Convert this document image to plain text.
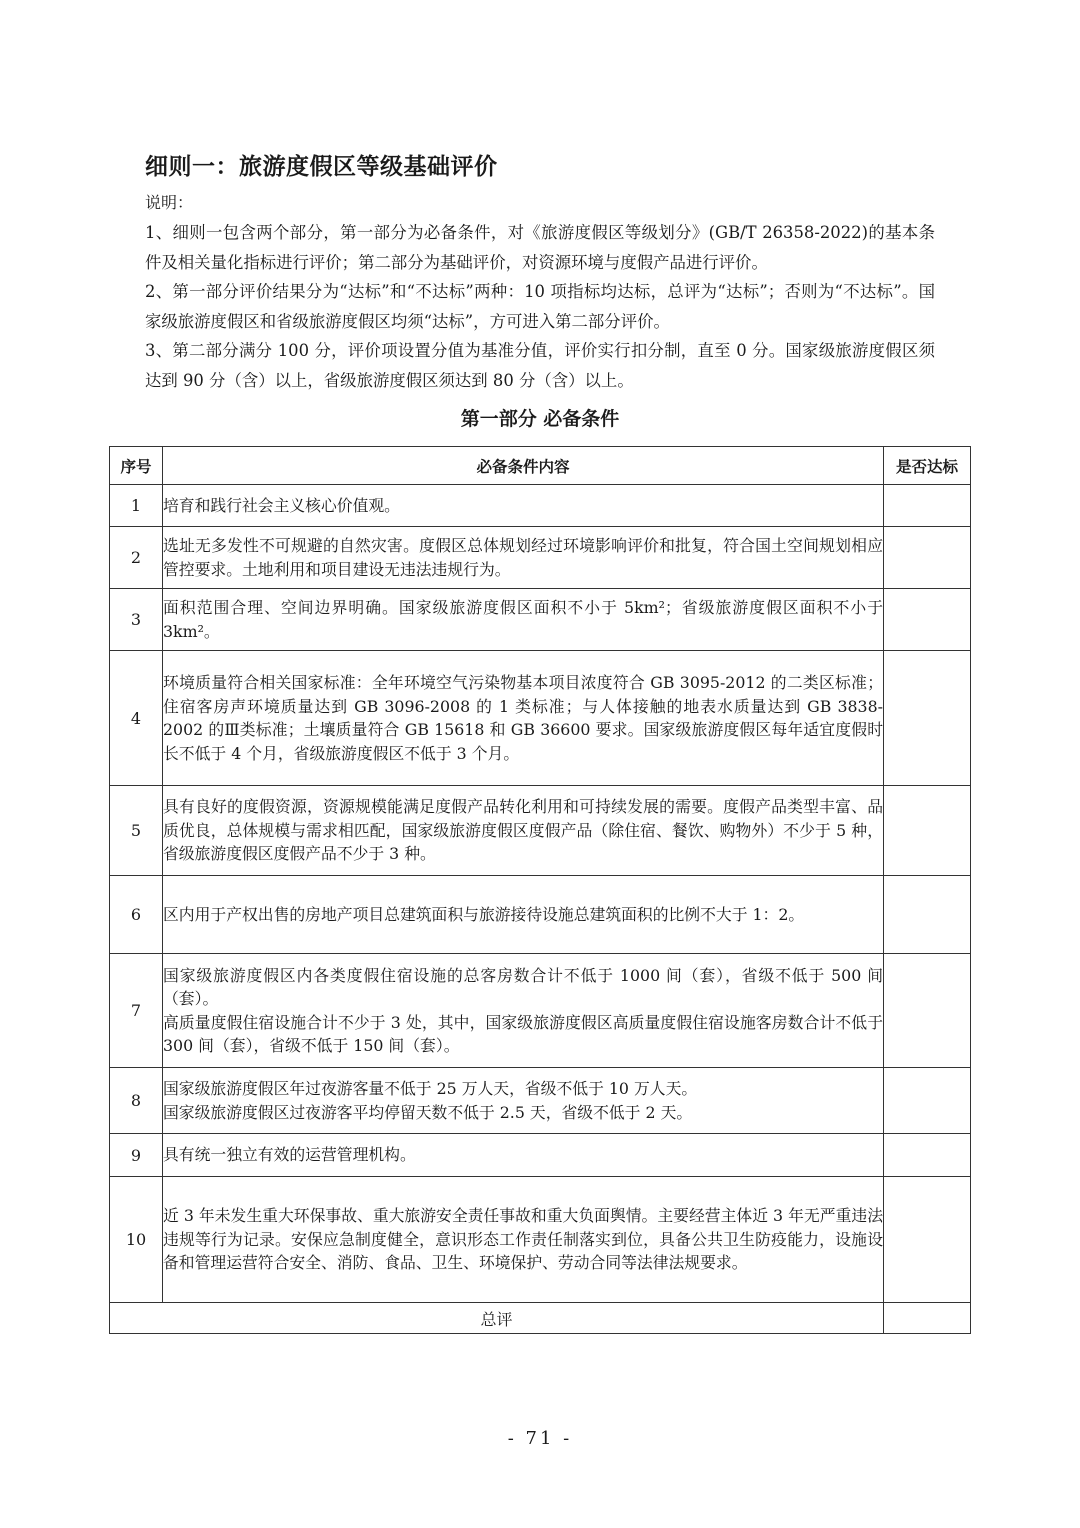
细则一：旅游度假区等级基础评价
说明：

1、细则一包含两个部分，第一部分为必备条件，对《旅游度假区等级划分》(GB/T 26358-2022)的基本条件及相关量化指标进行评价；第二部分为基础评价，对资源环境与度假产品进行评价。

2、第一部分评价结果分为“达标”和“不达标”两种：10 项指标均达标，总评为“达标”；否则为“不达标”。国家级旅游度假区和省级旅游度假区均须“达标”，方可进入第二部分评价。

3、第二部分满分 100 分，评价项设置分值为基准分值，评价实行扣分制，直至 0 分。国家级旅游度假区须达到 90 分（含）以上，省级旅游度假区须达到 80 分（含）以上。

第一部分 必备条件
序号	必备条件内容	是否达标
1	培育和践行社会主义核心价值观。	

2	选址无多发性不可规避的自然灾害。度假区总体规划经过环境影响评价和批复，符合国土空间规划相应管控要求。土地利用和项目建设无违法违规行为。	

3	面积范围合理、空间边界明确。国家级旅游度假区面积不小于 5km²；省级旅游度假区面积不小于 3km²。	

4	环境质量符合相关国家标准：全年环境空气污染物基本项目浓度符合 GB 3095-2012 的二类区标准；住宿客房声环境质量达到 GB 3096-2008 的 1 类标准；与人体接触的地表水质量达到 GB 3838-2002 的Ⅲ类标准；土壤质量符合 GB 15618 和 GB 36600 要求。国家级旅游度假区每年适宜度假时长不低于 4 个月，省级旅游度假区不低于 3 个月。	

5	具有良好的度假资源，资源规模能满足度假产品转化利用和可持续发展的需要。度假产品类型丰富、品质优良，总体规模与需求相匹配，国家级旅游度假区度假产品（除住宿、餐饮、购物外）不少于 5 种，省级旅游度假区度假产品不少于 3 种。	

6	区内用于产权出售的房地产项目总建筑面积与旅游接待设施总建筑面积的比例不大于 1：2。	

7	国家级旅游度假区内各类度假住宿设施的总客房数合计不低于 1000 间（套），省级不低于 500 间（套）。

高质量度假住宿设施合计不少于 3 处，其中，国家级旅游度假区高质量度假住宿设施客房数合计不低于 300 间（套），省级不低于 150 间（套）。	

8	国家级旅游度假区年过夜游客量不低于 25 万人天，省级不低于 10 万人天。

国家级旅游度假区过夜游客平均停留天数不低于 2.5 天，省级不低于 2 天。	

9	具有统一独立有效的运营管理机构。	

10	近 3 年未发生重大环保事故、重大旅游安全责任事故和重大负面舆情。主要经营主体近 3 年无严重违法违规等行为记录。安保应急制度健全，意识形态工作责任制落实到位，具备公共卫生防疫能力，设施设备和管理运营符合安全、消防、食品、卫生、环境保护、劳动合同等法律法规要求。	

总评		
- 71 -
